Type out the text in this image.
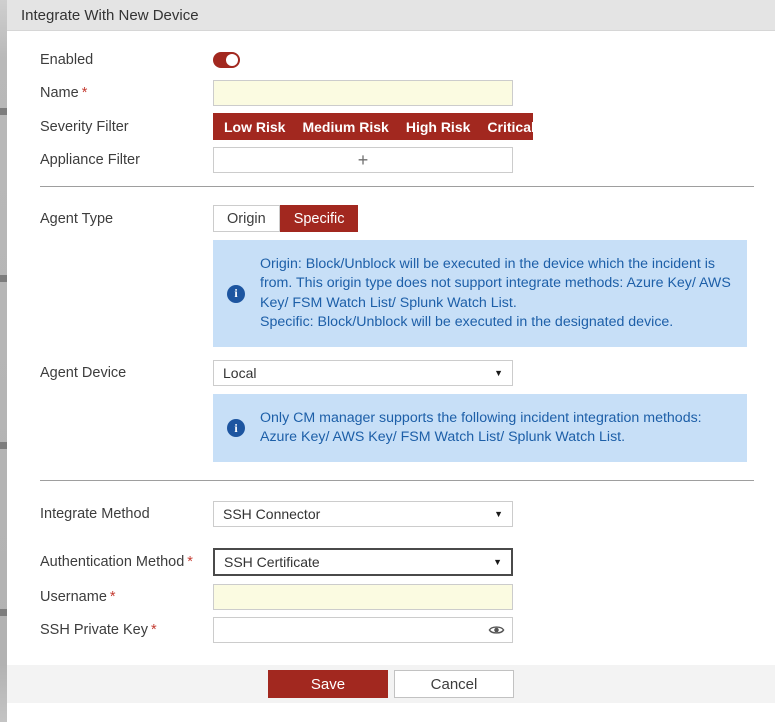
Integrate With New Device
Enabled
Name *
Severity Filter	Low Risk Medium Risk High Risk Critical
Appliance Filter	+
Agent Type	Origin	Specific
i
Origin: Block/Unblock will be executed in the device which the incident is from. This origin type does not support integrate methods: Azure Key/ AWS Key/ FSM Watch List/ Splunk Watch List.
Specific: Block/Unblock will be executed in the designated device.
Agent Device	Local	▼
i
Only CM manager supports the following incident integration methods: Azure Key/ AWS Key/ FSM Watch List/ Splunk Watch List.
Integrate Method	SSH Connector	▼
Authentication Method *	SSH Certificate	▼
Username *
SSH Private Key *
Save	Cancel
